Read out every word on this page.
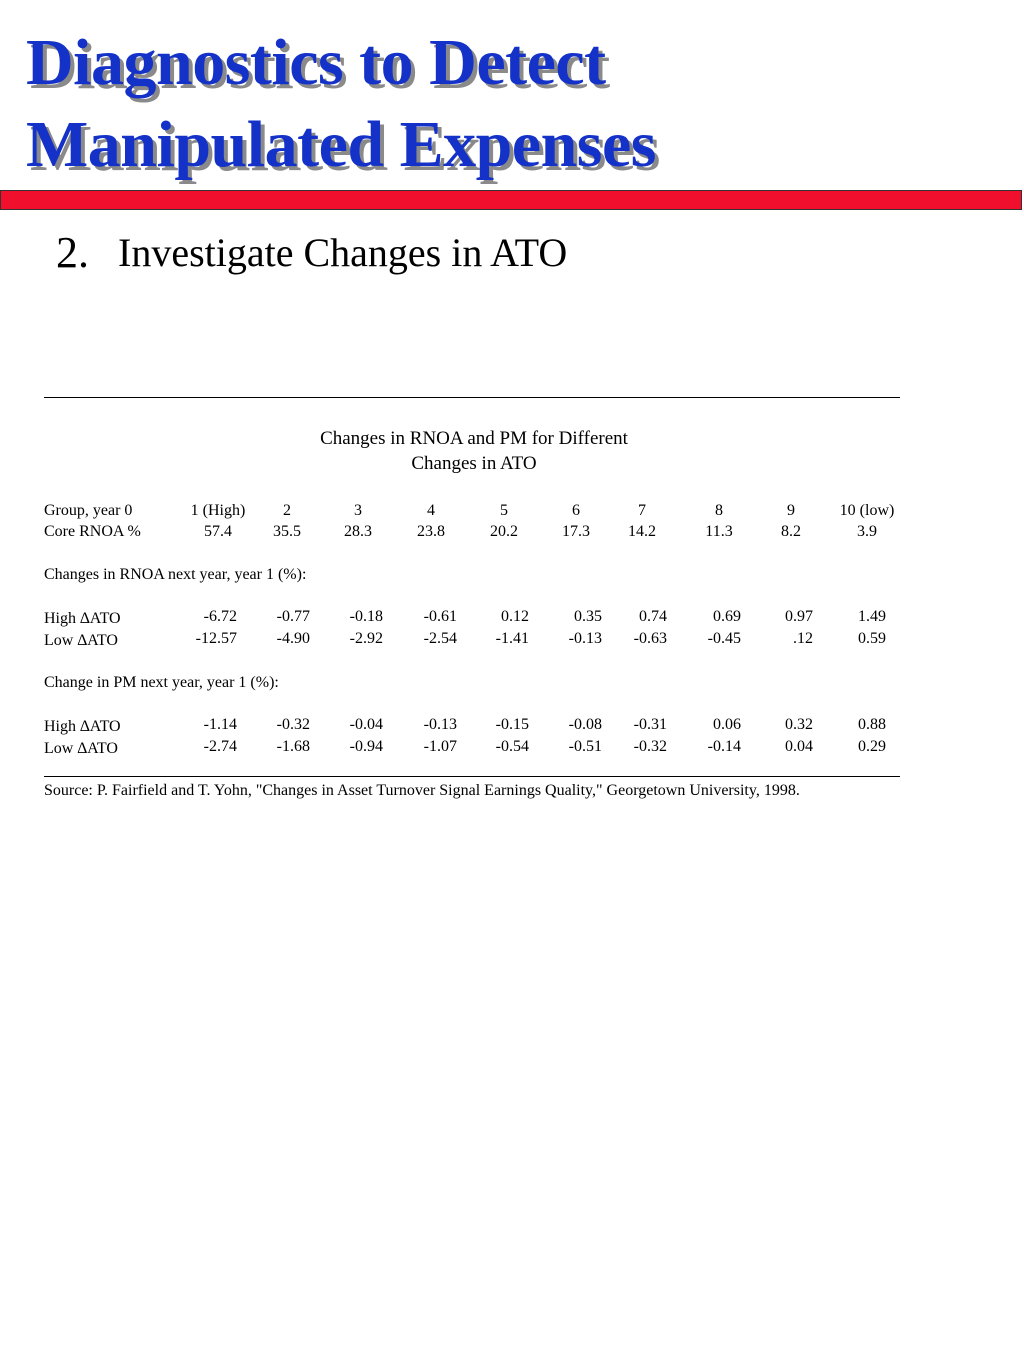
Diagnostics to Detect
Manipulated Expenses
2. Investigate Changes in ATO
Changes in RNOA and PM for Different
Changes in ATO
Group, year 0	1 (High)	2	3	4	5	6	7	8	9	10 (low)
Core RNOA %	57.4	35.5	28.3	23.8	20.2	17.3	14.2	11.3	8.2	3.9
Changes in RNOA next year, year 1 (%):
High ∆ATO	-6.72	-0.77	-0.18	-0.61	0.12	0.35	0.74	0.69	0.97	1.49
Low ∆ATO	-12.57	-4.90	-2.92	-2.54	-1.41	-0.13	-0.63	-0.45	.12	0.59
Change in PM next year, year 1 (%):
High ∆ATO	-1.14	-0.32	-0.04	-0.13	-0.15	-0.08	-0.31	0.06	0.32	0.88
Low ∆ATO	-2.74	-1.68	-0.94	-1.07	-0.54	-0.51	-0.32	-0.14	0.04	0.29
Source: P. Fairfield and T. Yohn, "Changes in Asset Turnover Signal Earnings Quality," Georgetown University, 1998.
